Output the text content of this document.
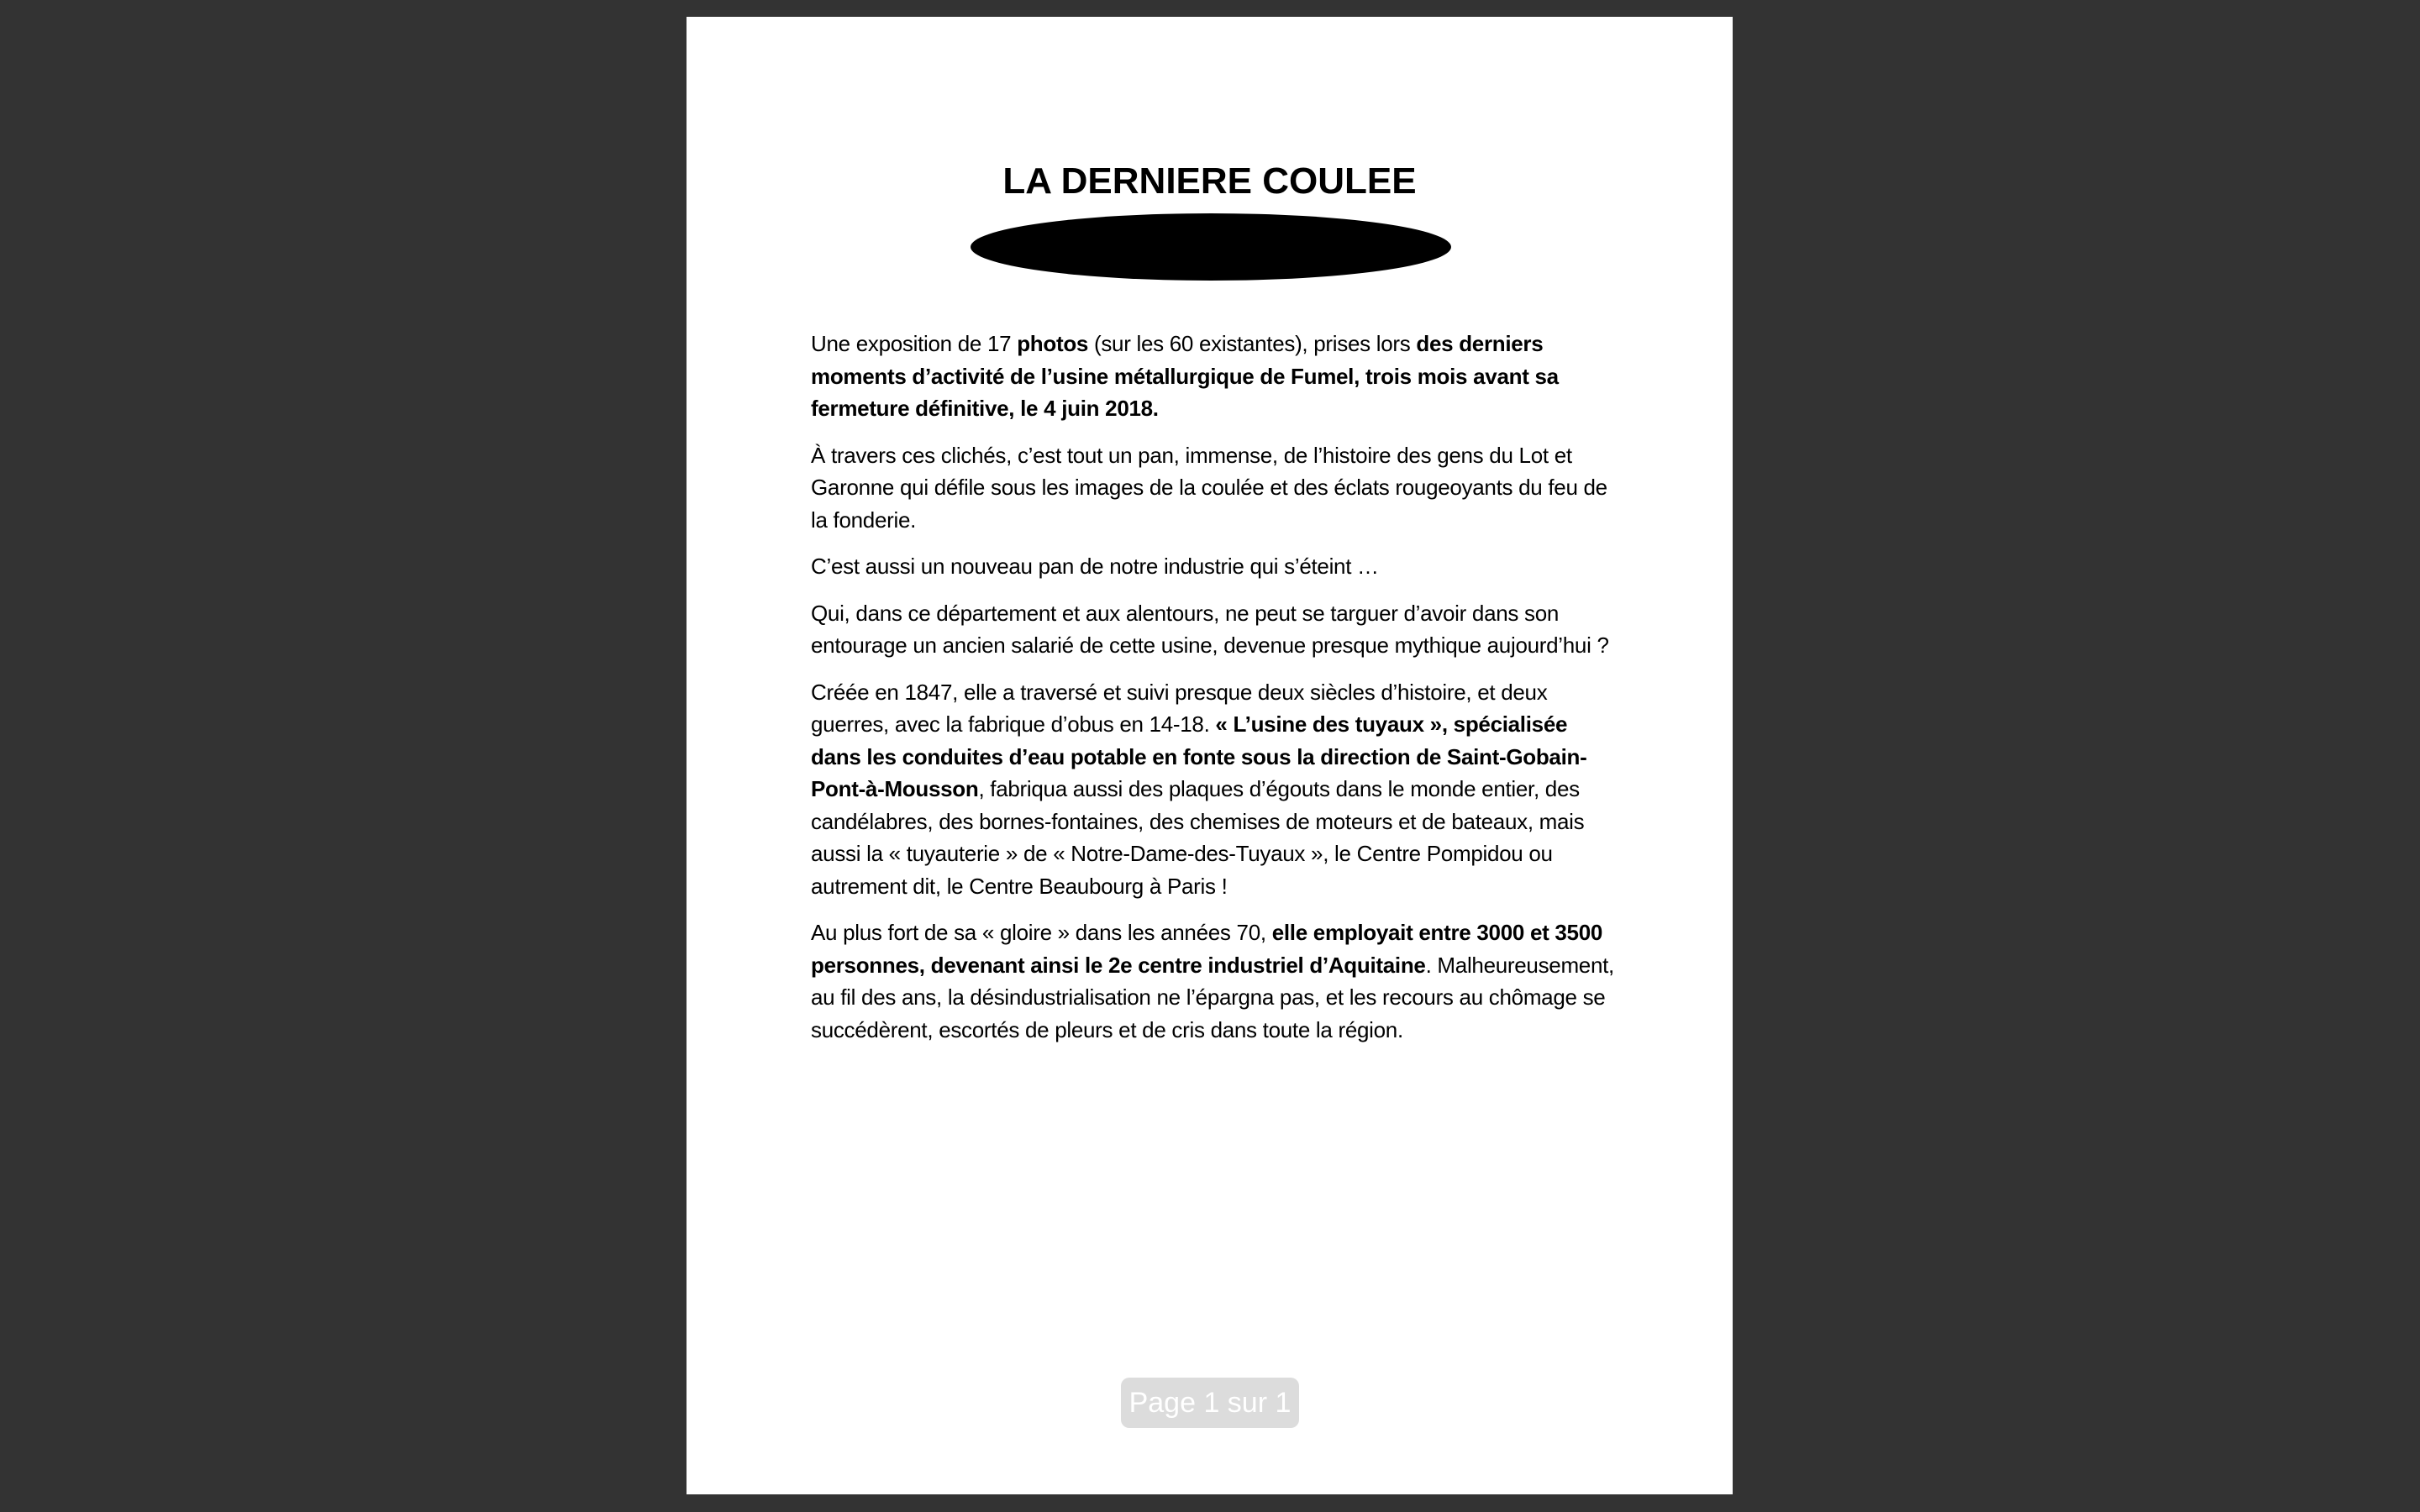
LA DERNIERE COULEE

Une exposition de 17 photos (sur les 60 existantes), prises lors des derniers moments d’activité de l’usine métallurgique de Fumel, trois mois avant sa fermeture définitive, le 4 juin 2018.

À travers ces clichés, c’est tout un pan, immense, de l’histoire des gens du Lot et Garonne qui défile sous les images de la coulée et des éclats rougeoyants du feu de la fonderie.

C’est aussi un nouveau pan de notre industrie qui s’éteint …

Qui, dans ce département et aux alentours, ne peut se targuer d’avoir dans son entourage un ancien salarié de cette usine, devenue presque mythique aujourd’hui ?

Créée en 1847, elle a traversé et suivi presque deux siècles d’histoire, et deux guerres, avec la fabrique d’obus en 14-18. « L’usine des tuyaux », spécialisée dans les conduites d’eau potable en fonte sous la direction de Saint-Gobain-Pont-à-Mousson, fabriqua aussi des plaques d’égouts dans le monde entier, des candélabres, des bornes-fontaines, des chemises de moteurs et de bateaux, mais aussi la « tuyauterie » de « Notre-Dame-des-Tuyaux », le Centre Pompidou ou autrement dit, le Centre Beaubourg à Paris !

Au plus fort de sa « gloire » dans les années 70, elle employait entre 3000 et 3500 personnes, devenant ainsi le 2e centre industriel d’Aquitaine. Malheureusement, au fil des ans, la désindustrialisation ne l’épargna pas, et les recours au chômage se succédèrent, escortés de pleurs et de cris dans toute la région.

Page 1 sur 1
